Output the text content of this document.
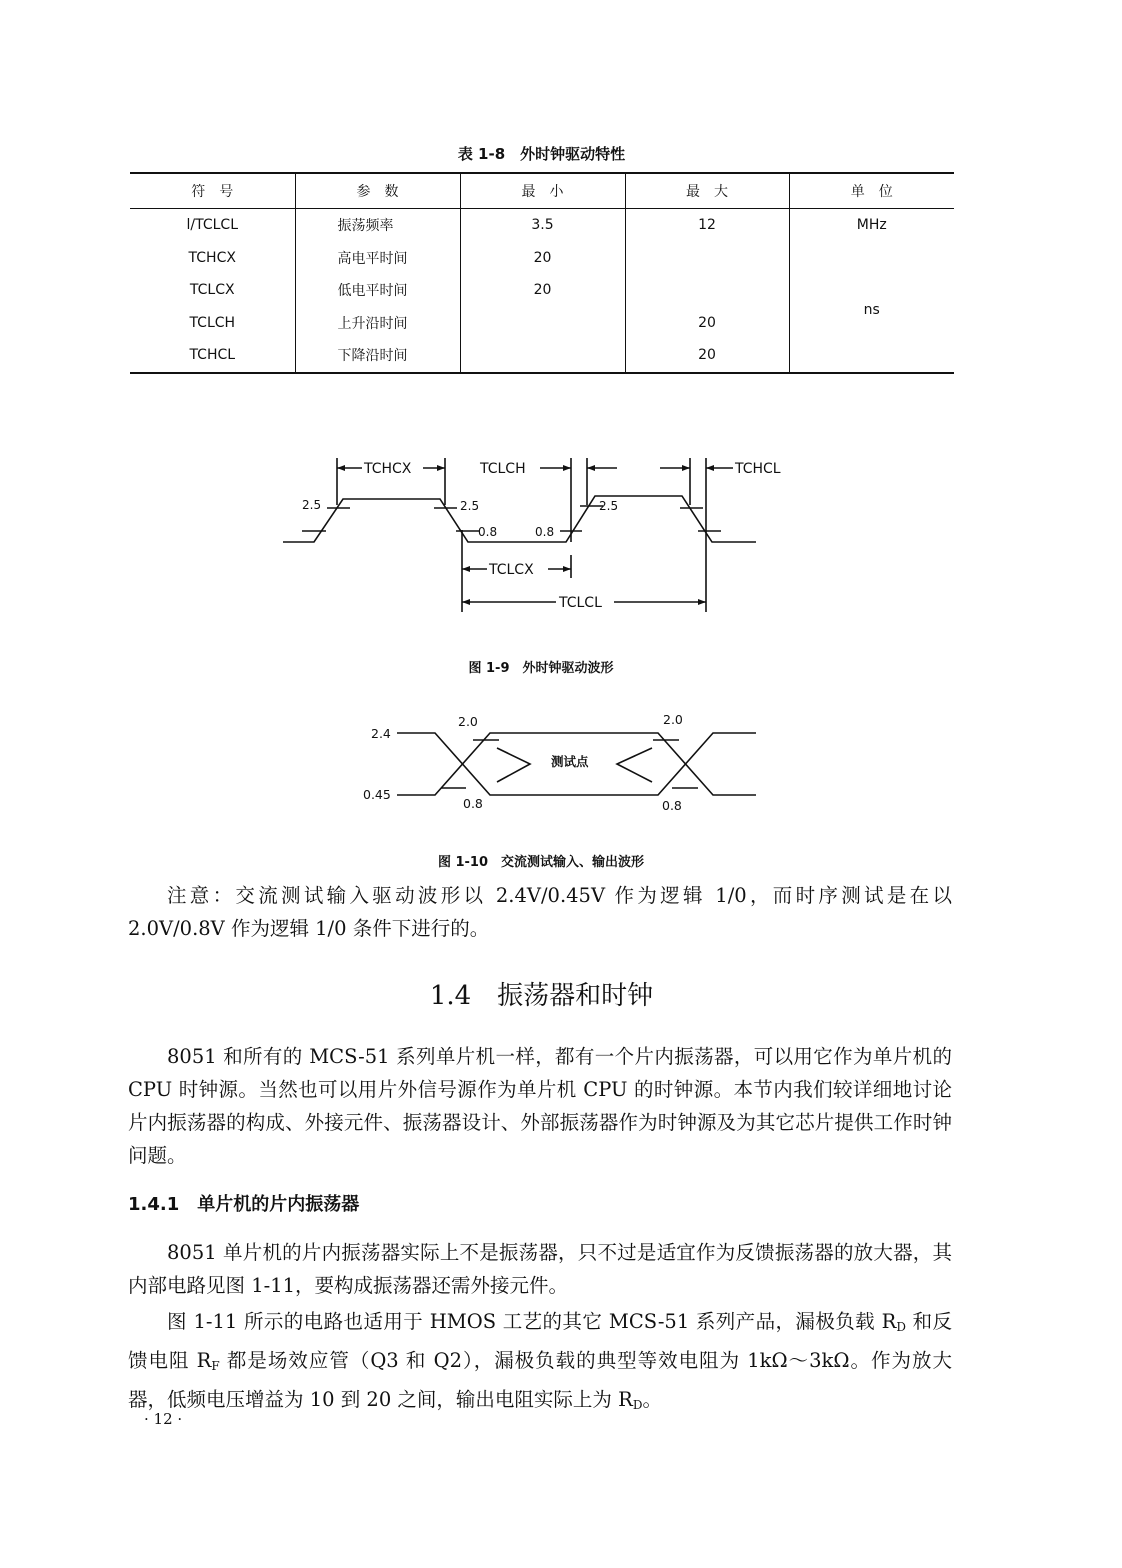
表 1-8　外时钟驱动特性
符　号	参　数	最　小	最　大	单　位
l/TCLCL	振荡频率	3.5	12	MHz
TCHCX	高电平时间	20		
TCLCX	低电平时间	20		ns

TCLCH	上升沿时间		20	
TCHCL	下降沿时间		20	
TCHCX	TCLCH	TCHCL
TCLCX
TCLCL
2.5	2.5	2.5
0.8	0.8
图 1-9　外时钟驱动波形
2.4
0.45
2.0	2.0
0.8	0.8
测试点
图 1-10　交流测试输入、输出波形
注意：交流测试输入驱动波形以 2.4V/0.45V 作为逻辑 1/0，而时序测试是在以 2.0V/0.8V 作为逻辑 1/0 条件下进行的。
1.4　振荡器和时钟
8051 和所有的 MCS-51 系列单片机一样，都有一个片内振荡器，可以用它作为单片机的 CPU 时钟源。当然也可以用片外信号源作为单片机 CPU 的时钟源。本节内我们较详细地讨论片内振荡器的构成、外接元件、振荡器设计、外部振荡器作为时钟源及为其它芯片提供工作时钟问题。
1.4.1　单片机的片内振荡器
8051 单片机的片内振荡器实际上不是振荡器，只不过是适宜作为反馈振荡器的放大器，其内部电路见图 1-11，要构成振荡器还需外接元件。
图 1-11 所示的电路也适用于 HMOS 工艺的其它 MCS-51 系列产品，漏极负载 $R_D$ 和反馈电阻 $R_F$ 都是场效应管（Q3 和 Q2），漏极负载的典型等效电阻为 1kΩ～3kΩ。作为放大器，低频电压增益为 10 到 20 之间，输出电阻实际上为 $R_D$。
· 12 ·
